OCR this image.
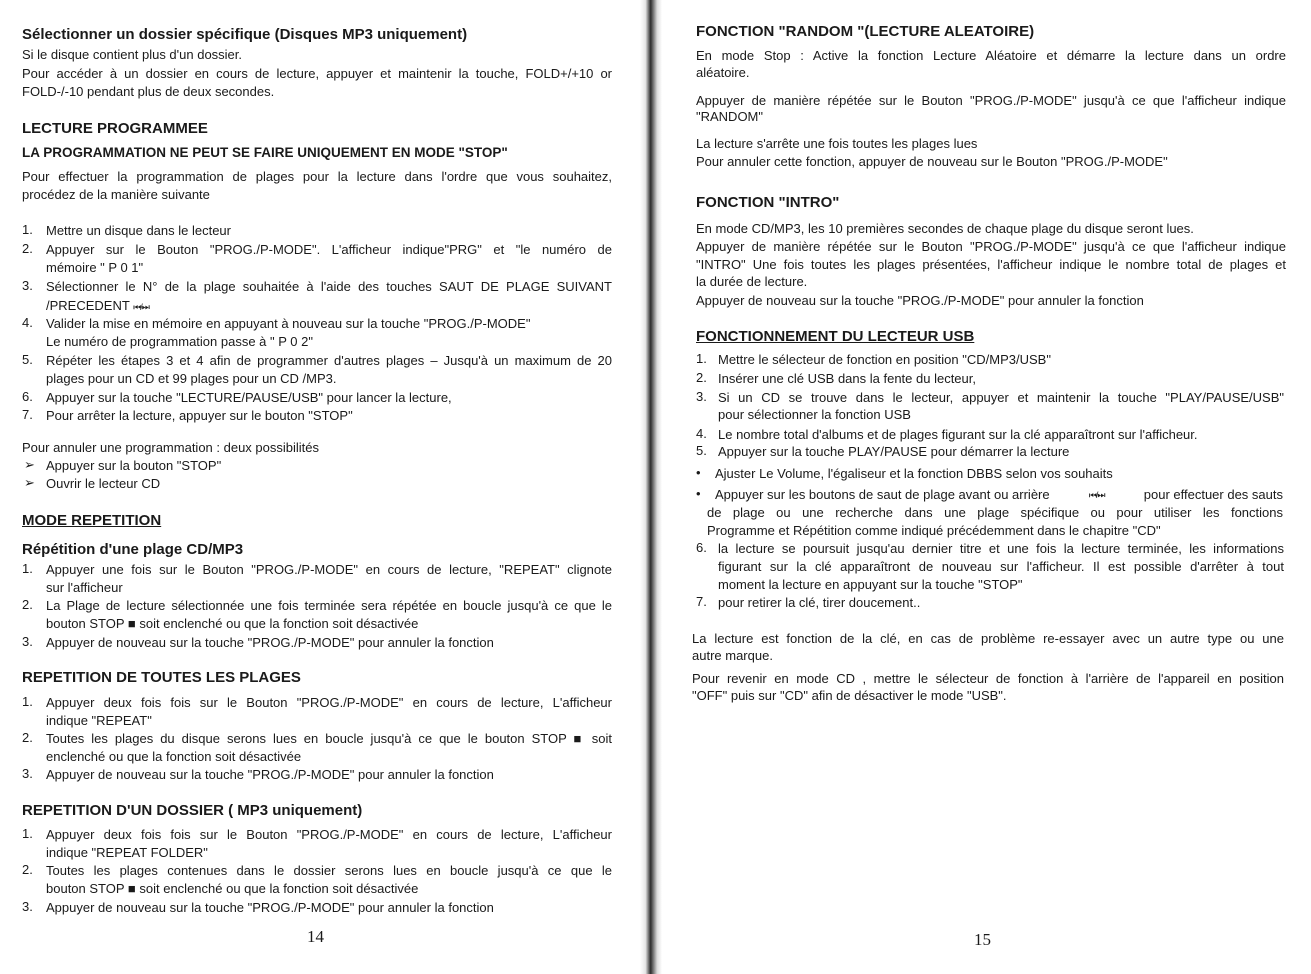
Sélectionner un dossier spécifique (Disques MP3 uniquement)
Si le disque contient plus d'un dossier.
Pour accéder à un dossier en cours de lecture, appuyer et maintenir la touche, FOLD+/+10 or
FOLD-/-10 pendant plus de deux secondes.
LECTURE PROGRAMMEE
LA PROGRAMMATION NE PEUT SE FAIRE UNIQUEMENT EN MODE "STOP"
Pour effectuer la programmation de plages pour la lecture dans l'ordre que vous souhaitez,
procédez de la manière suivante
1. Mettre un disque dans le lecteur
2. Appuyer sur le Bouton "PROG./P-MODE". L'afficheur indique"PRG" et "le numéro de
mémoire " P 0 1"
3. Sélectionner le N° de la plage souhaitée à l'aide des touches SAUT DE PLAGE SUIVANT
/PRECEDENT ⏮/⏭
4. Valider la mise en mémoire en appuyant à nouveau sur la touche "PROG./P-MODE"
Le numéro de programmation passe à " P 0 2"
5. Répéter les étapes 3 et 4 afin de programmer d'autres plages – Jusqu'à un maximum de 20
plages pour un CD et 99 plages pour un CD /MP3.
6. Appuyer sur la touche "LECTURE/PAUSE/USB" pour lancer la lecture,
7. Pour arrêter la lecture, appuyer sur le bouton "STOP"
Pour annuler une programmation : deux possibilités
➢ Appuyer sur la bouton "STOP"
➢ Ouvrir le lecteur CD
MODE REPETITION
Répétition d'une plage CD/MP3
1. Appuyer une fois sur le Bouton "PROG./P-MODE" en cours de lecture, "REPEAT" clignote
sur l'afficheur
2. La Plage de lecture sélectionnée une fois terminée sera répétée en boucle jusqu'à ce que le
bouton STOP ■ soit enclenché ou que la fonction soit désactivée
3. Appuyer de nouveau sur la touche "PROG./P-MODE" pour annuler la fonction
REPETITION DE TOUTES LES PLAGES
1. Appuyer deux fois fois sur le Bouton "PROG./P-MODE" en cours de lecture, L'afficheur
indique "REPEAT"
2. Toutes les plages du disque serons lues en boucle jusqu'à ce que le bouton STOP ■ soit
enclenché ou que la fonction soit désactivée
3. Appuyer de nouveau sur la touche "PROG./P-MODE" pour annuler la fonction
REPETITION D'UN DOSSIER ( MP3 uniquement)
1. Appuyer deux fois fois sur le Bouton "PROG./P-MODE" en cours de lecture, L'afficheur
indique "REPEAT FOLDER"
2. Toutes les plages contenues dans le dossier serons lues en boucle jusqu'à ce que le
bouton STOP ■ soit enclenché ou que la fonction soit désactivée
3. Appuyer de nouveau sur la touche "PROG./P-MODE" pour annuler la fonction
14
FONCTION "RANDOM "(LECTURE ALEATOIRE)
En mode Stop : Active la fonction Lecture Aléatoire et démarre la lecture dans un ordre
aléatoire.
Appuyer de manière répétée sur le Bouton "PROG./P-MODE" jusqu'à ce que l'afficheur indique
"RANDOM"
La lecture s'arrête une fois toutes les plages lues
Pour annuler cette fonction, appuyer de nouveau sur le Bouton "PROG./P-MODE"
FONCTION "INTRO"
En mode CD/MP3, les 10 premières secondes de chaque plage du disque seront lues.
Appuyer de manière répétée sur le Bouton "PROG./P-MODE" jusqu'à ce que l'afficheur indique
"INTRO" Une fois toutes les plages présentées, l'afficheur indique le nombre total de plages et
la durée de lecture.
Appuyer de nouveau sur la touche "PROG./P-MODE" pour annuler la fonction
FONCTIONNEMENT DU LECTEUR USB
1. Mettre le sélecteur de fonction en position "CD/MP3/USB"
2. Insérer une clé USB dans la fente du lecteur,
3. Si un CD se trouve dans le lecteur, appuyer et maintenir la touche "PLAY/PAUSE/USB"
pour sélectionner la fonction USB
4. Le nombre total d'albums et de plages figurant sur la clé apparaîtront sur l'afficheur.
5. Appuyer sur la touche PLAY/PAUSE pour démarrer la lecture
• Ajuster Le Volume, l'égaliseur et la fonction DBBS selon vos souhaits
• Appuyer sur les boutons de saut de plage avant ou arrière	⏮/⏭	pour effectuer des sauts
de plage ou une recherche dans une plage spécifique ou pour utiliser les fonctions
Programme et Répétition comme indiqué précédemment dans le chapitre "CD"
6. la lecture se poursuit jusqu'au dernier titre et une fois la lecture terminée, les informations
figurant sur la clé apparaîtront de nouveau sur l'afficheur. Il est possible d'arrêter à tout
moment la lecture en appuyant sur la touche "STOP"
7. pour retirer la clé, tirer doucement..
La lecture est fonction de la clé, en cas de problème re-essayer avec un autre type ou une
autre marque.
Pour revenir en mode CD , mettre le sélecteur de fonction à l'arrière de l'appareil en position
"OFF" puis sur "CD" afin de désactiver le mode "USB".
15
